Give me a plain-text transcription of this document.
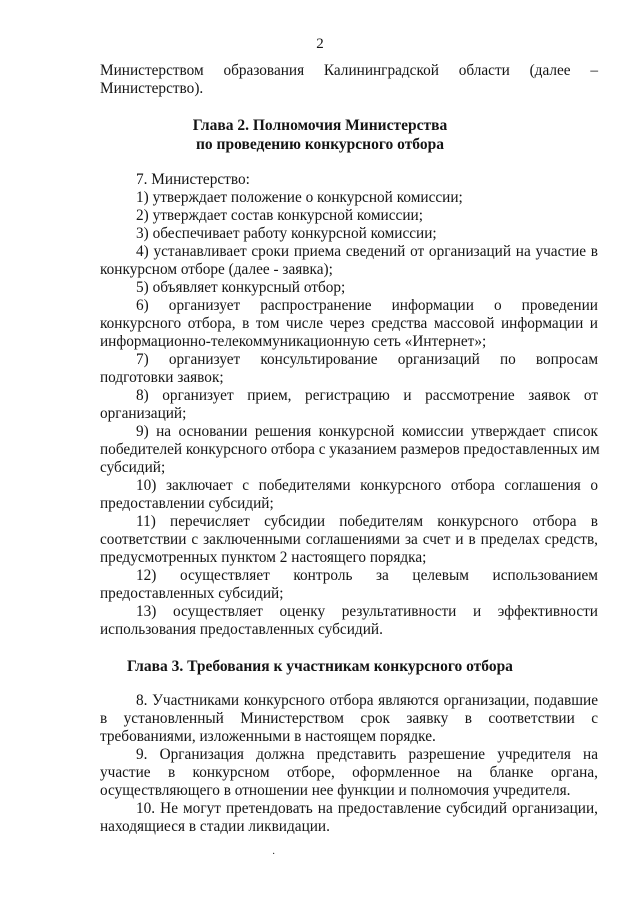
2
Министерством образования Калининградской области (далее –
Министерство).
Глава 2. Полномочия Министерства
по проведению конкурсного отбора
7. Министерство:
1) утверждает положение о конкурсной комиссии;
2) утверждает состав конкурсной комиссии;
3) обеспечивает работу конкурсной комиссии;
4) устанавливает сроки приема сведений от организаций на участие в
конкурсном отборе (далее - заявка);
5) объявляет конкурсный отбор;
6) организует распространение информации о проведении
конкурсного отбора, в том числе через средства массовой информации и
информационно-телекоммуникационную сеть «Интернет»;
7) организует консультирование организаций по вопросам
подготовки заявок;
8) организует прием, регистрацию и рассмотрение заявок от
организаций;
9) на основании решения конкурсной комиссии утверждает список
победителей конкурсного отбора с указанием размеров предоставленных им
субсидий;
10) заключает с победителями конкурсного отбора соглашения о
предоставлении субсидий;
11) перечисляет субсидии победителям конкурсного отбора в
соответствии с заключенными соглашениями за счет и в пределах средств,
предусмотренных пунктом 2 настоящего порядка;
12) осуществляет контроль за целевым использованием
предоставленных субсидий;
13) осуществляет оценку результативности и эффективности
использования предоставленных субсидий.
Глава 3. Требования к участникам конкурсного отбора
8. Участниками конкурсного отбора являются организации, подавшие
в установленный Министерством срок заявку в соответствии с
требованиями, изложенными в настоящем порядке.
9. Организация должна представить разрешение учредителя на
участие в конкурсном отборе, оформленное на бланке органа,
осуществляющего в отношении нее функции и полномочия учредителя.
10. Не могут претендовать на предоставление субсидий организации,
находящиеся в стадии ликвидации.
·
